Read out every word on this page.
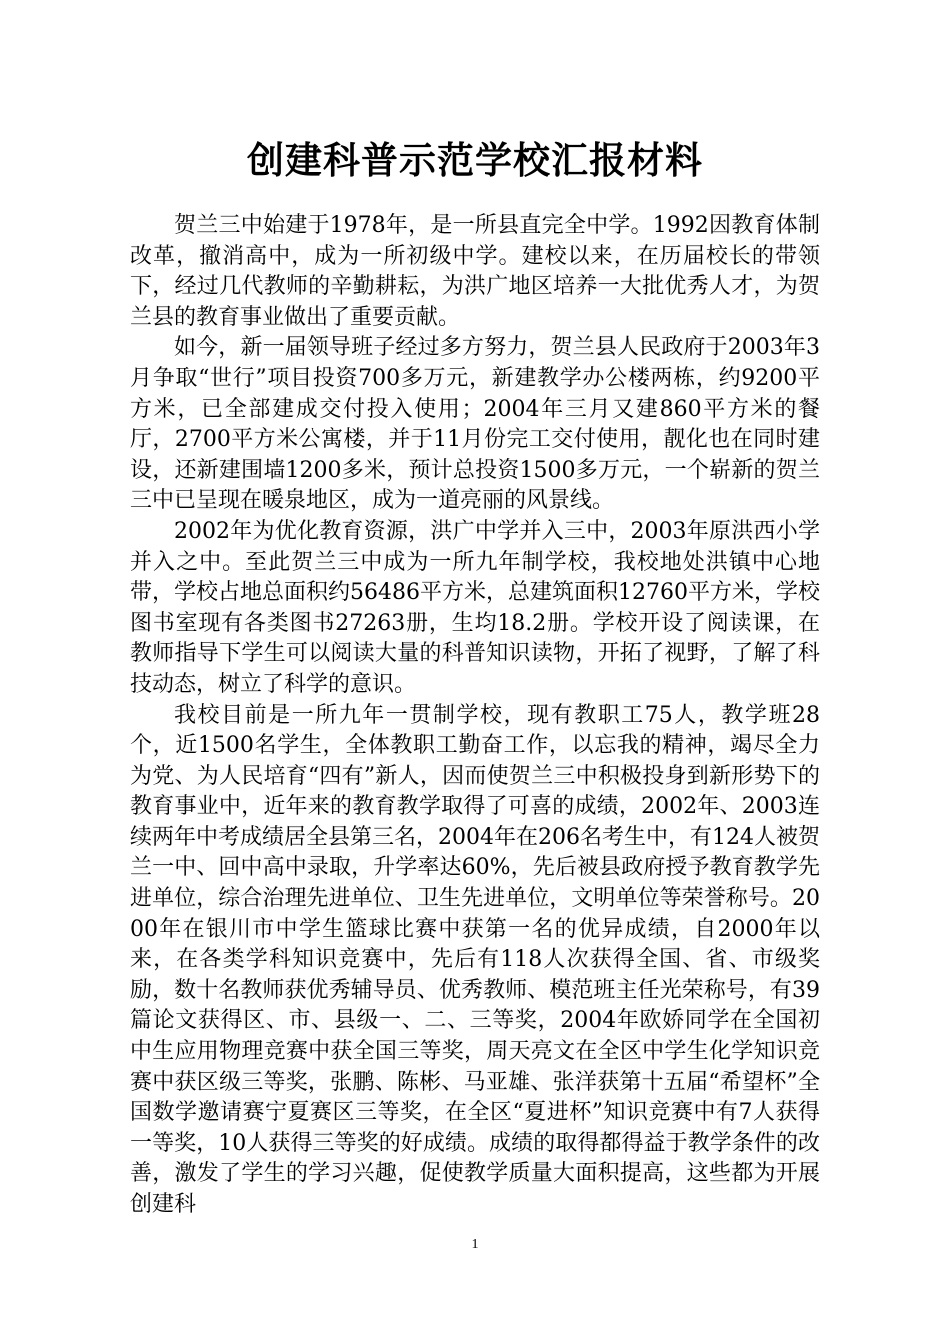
创建科普示范学校汇报材料

贺兰三中始建于1978年，是一所县直完全中学。1992因教育体制改革，撤消高中，成为一所初级中学。建校以来，在历届校长的带领下，经过几代教师的辛勤耕耘，为洪广地区培养一大批优秀人才，为贺兰县的教育事业做出了重要贡献。

如今，新一届领导班子经过多方努力，贺兰县人民政府于2003年3月争取“世行”项目投资700多万元，新建教学办公楼两栋，约9200平方米，已全部建成交付投入使用；2004年三月又建860平方米的餐厅，2700平方米公寓楼，并于11月份完工交付使用，靓化也在同时建设，还新建围墙1200多米，预计总投资1500多万元，一个崭新的贺兰三中已呈现在暖泉地区，成为一道亮丽的风景线。

2002年为优化教育资源，洪广中学并入三中，2003年原洪西小学并入之中。至此贺兰三中成为一所九年制学校，我校地处洪镇中心地带，学校占地总面积约56486平方米，总建筑面积12760平方米，学校图书室现有各类图书27263册，生均18.2册。学校开设了阅读课，在教师指导下学生可以阅读大量的科普知识读物，开拓了视野，了解了科技动态，树立了科学的意识。

我校目前是一所九年一贯制学校，现有教职工75人，教学班28个，近1500名学生，全体教职工勤奋工作，以忘我的精神，竭尽全力为党、为人民培育“四有”新人，因而使贺兰三中积极投身到新形势下的教育事业中，近年来的教育教学取得了可喜的成绩，2002年、2003连续两年中考成绩居全县第三名，2004年在206名考生中，有124人被贺兰一中、回中高中录取，升学率达60%，先后被县政府授予教育教学先进单位，综合治理先进单位、卫生先进单位，文明单位等荣誉称号。2000年在银川市中学生篮球比赛中获第一名的优异成绩，自2000年以来，在各类学科知识竞赛中，先后有118人次获得全国、省、市级奖励，数十名教师获优秀辅导员、优秀教师、模范班主任光荣称号，有39篇论文获得区、市、县级一、二、三等奖，2004年欧娇同学在全国初中生应用物理竞赛中获全国三等奖，周天亮文在全区中学生化学知识竞赛中获区级三等奖，张鹏、陈彬、马亚雄、张洋获第十五届“希望杯”全国数学邀请赛宁夏赛区三等奖，在全区“夏进杯”知识竞赛中有7人获得一等奖，10人获得三等奖的好成绩。成绩的取得都得益于教学条件的改善，激发了学生的学习兴趣，促使教学质量大面积提高，这些都为开展创建科

1
